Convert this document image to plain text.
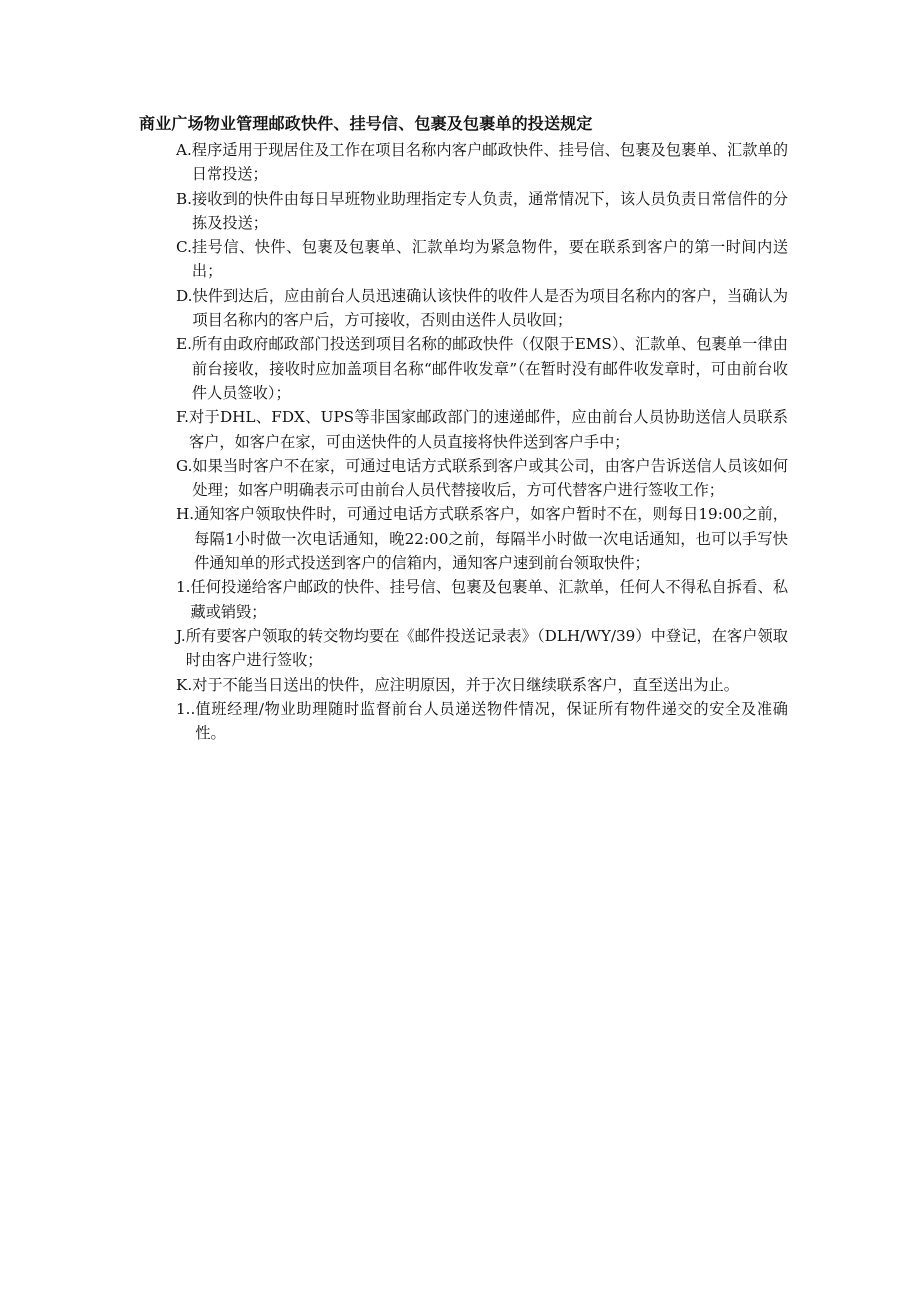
商业广场物业管理邮政快件、挂号信、包裹及包裹单的投送规定
A. 程序适用于现居住及工作在项目名称内客户邮政快件、挂号信、包裹及包裹单、汇款单的日常投送；
B. 接收到的快件由每日早班物业助理指定专人负责，通常情况下，该人员负责日常信件的分拣及投送；
C. 挂号信、快件、包裹及包裹单、汇款单均为紧急物件，要在联系到客户的第一时间内送出；
D. 快件到达后，应由前台人员迅速确认该快件的收件人是否为项目名称内的客户，当确认为项目名称内的客户后，方可接收，否则由送件人员收回；
E. 所有由政府邮政部门投送到项目名称的邮政快件（仅限于EMS）、汇款单、包裹单一律由前台接收，接收时应加盖项目名称“邮件收发章”（在暂时没有邮件收发章时，可由前台收件人员签收）；
F. 对于DHL、FDX、UPS等非国家邮政部门的速递邮件，应由前台人员协助送信人员联系客户，如客户在家，可由送快件的人员直接将快件送到客户手中；
G. 如果当时客户不在家，可通过电话方式联系到客户或其公司，由客户告诉送信人员该如何处理；如客户明确表示可由前台人员代替接收后，方可代替客户进行签收工作；
H. 通知客户领取快件时，可通过电话方式联系客户，如客户暂时不在，则每日19:00之前，每隔1小时做一次电话通知，晚22:00之前，每隔半小时做一次电话通知，也可以手写快件通知单的形式投送到客户的信箱内，通知客户速到前台领取快件；
1. 任何投递给客户邮政的快件、挂号信、包裹及包裹单、汇款单，任何人不得私自拆看、私藏或销毁；
J. 所有要客户领取的转交物均要在《邮件投送记录表》（DLH/WY/39）中登记，在客户领取时由客户进行签收；
K. 对于不能当日送出的快件，应注明原因，并于次日继续联系客户，直至送出为止。
1.. 值班经理/物业助理随时监督前台人员递送物件情况，保证所有物件递交的安全及准确性。
